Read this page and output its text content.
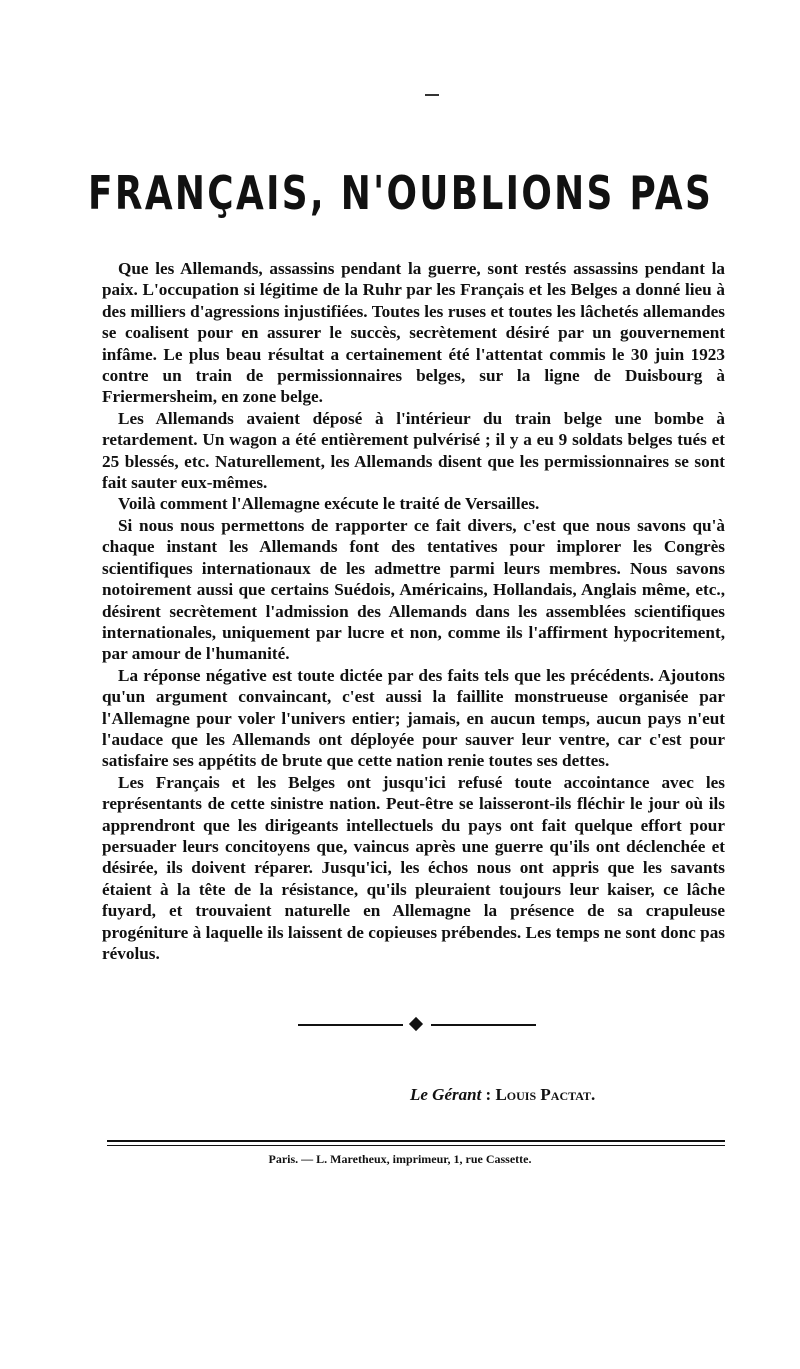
FRANÇAIS, N'OUBLIONS PAS

Que les Allemands, assassins pendant la guerre, sont restés assassins pendant la paix. L'occupation si légitime de la Ruhr par les Français et les Belges a donné lieu à des milliers d'agressions injustifiées. Toutes les ruses et toutes les lâchetés allemandes se coalisent pour en assurer le succès, secrètement désiré par un gouvernement infâme. Le plus beau résultat a certainement été l'attentat commis le 30 juin 1923 contre un train de permissionnaires belges, sur la ligne de Duisbourg à Friermersheim, en zone belge.

Les Allemands avaient déposé à l'intérieur du train belge une bombe à retardement. Un wagon a été entièrement pulvérisé ; il y a eu 9 soldats belges tués et 25 blessés, etc. Naturellement, les Allemands disent que les permissionnaires se sont fait sauter eux-mêmes.

Voilà comment l'Allemagne exécute le traité de Versailles.

Si nous nous permettons de rapporter ce fait divers, c'est que nous savons qu'à chaque instant les Allemands font des tentatives pour implorer les Congrès scientifiques internationaux de les admettre parmi leurs membres. Nous savons notoirement aussi que certains Suédois, Américains, Hollandais, Anglais même, etc., désirent secrètement l'admission des Allemands dans les assemblées scientifiques internationales, uniquement par lucre et non, comme ils l'affirment hypocritement, par amour de l'humanité.

La réponse négative est toute dictée par des faits tels que les précédents. Ajoutons qu'un argument convaincant, c'est aussi la faillite monstrueuse organisée par l'Allemagne pour voler l'univers entier; jamais, en aucun temps, aucun pays n'eut l'audace que les Allemands ont déployée pour sauver leur ventre, car c'est pour satisfaire ses appétits de brute que cette nation renie toutes ses dettes.

Les Français et les Belges ont jusqu'ici refusé toute accointance avec les représentants de cette sinistre nation. Peut-être se laisseront-ils fléchir le jour où ils apprendront que les dirigeants intellectuels du pays ont fait quelque effort pour persuader leurs concitoyens que, vaincus après une guerre qu'ils ont déclenchée et désirée, ils doivent réparer. Jusqu'ici, les échos nous ont appris que les savants étaient à la tête de la résistance, qu'ils pleuraient toujours leur kaiser, ce lâche fuyard, et trouvaient naturelle en Allemagne la présence de sa crapuleuse progéniture à laquelle ils laissent de copieuses prébendes. Les temps ne sont donc pas révolus.

Le Gérant : Louis Pactat.
Paris. — L. Maretheux, imprimeur, 1, rue Cassette.
